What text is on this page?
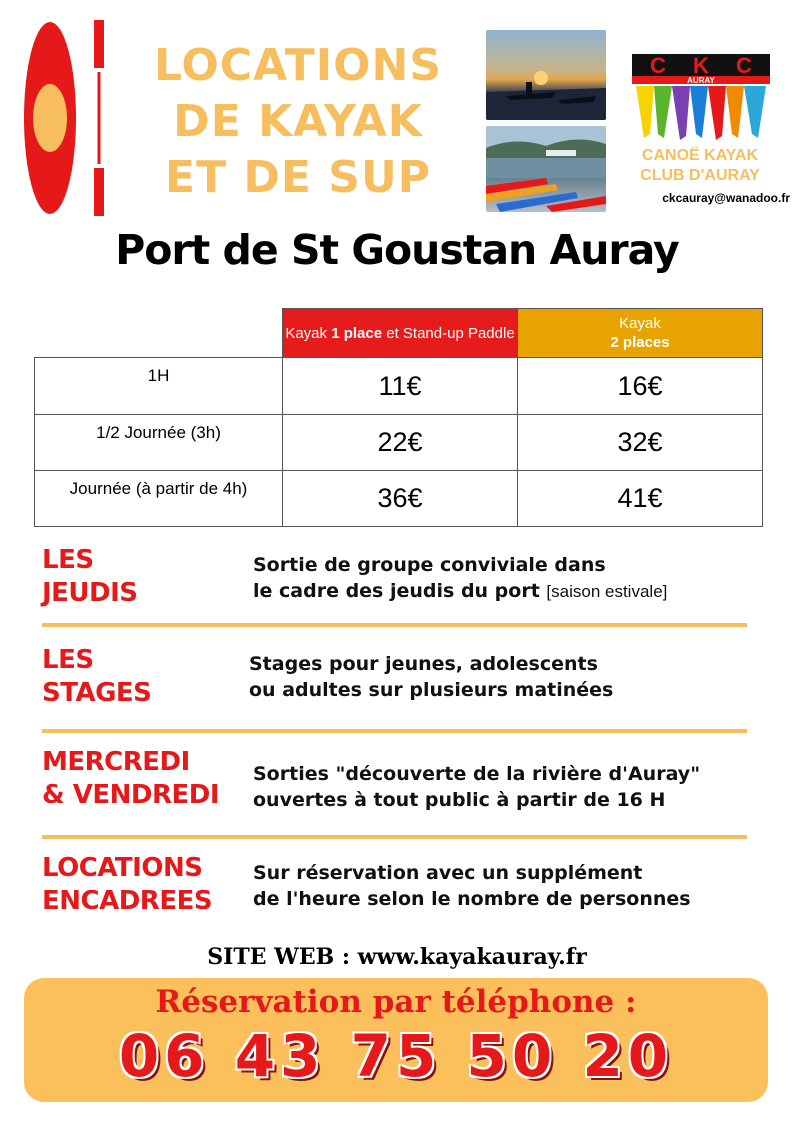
LOCATIONS
DE KAYAK
ET DE SUP
C K C
AURAY
CANOË KAYAK
CLUB D'AURAY
ckcauray@wanadoo.fr
Port de St Goustan Auray
	Kayak 1 place et Stand-up Paddle	Kayak
2 places
1H	11€	16€
1/2 Journée (3h)	22€	32€
Journée (à partir de 4h)	36€	41€
LES
JEUDIS
Sortie de groupe conviviale dans
le cadre des jeudis du port [saison estivale]
LES
STAGES
Stages pour jeunes, adolescents
ou adultes sur plusieurs matinées
MERCREDI
& VENDREDI
Sorties "découverte de la rivière d'Auray"
ouvertes à tout public à partir de 16 H
LOCATIONS
ENCADREES
Sur réservation avec un supplément
de l'heure selon le nombre de personnes
SITE WEB : www.kayakauray.fr
Réservation par téléphone :
06 43 75 50 20
